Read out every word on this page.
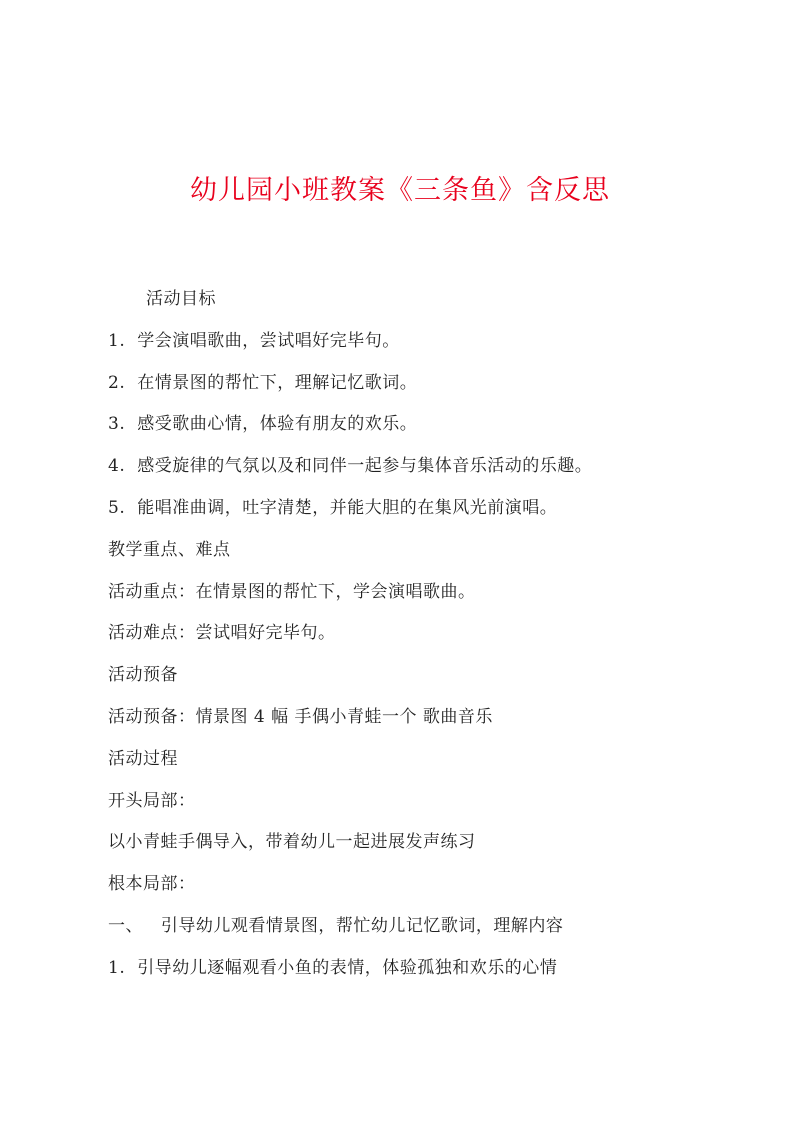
幼儿园小班教案《三条鱼》含反思
活动目标
1. 学会演唱歌曲，尝试唱好完毕句。
2. 在情景图的帮忙下，理解记忆歌词。
3. 感受歌曲心情，体验有朋友的欢乐。
4. 感受旋律的气氛以及和同伴一起参与集体音乐活动的乐趣。
5. 能唱准曲调，吐字清楚，并能大胆的在集风光前演唱。
教学重点、难点
活动重点：在情景图的帮忙下，学会演唱歌曲。
活动难点：尝试唱好完毕句。
活动预备
活动预备：情景图 4 幅 手偶小青蛙一个 歌曲音乐
活动过程
开头局部：
以小青蛙手偶导入，带着幼儿一起进展发声练习
根本局部：
一、 引导幼儿观看情景图，帮忙幼儿记忆歌词，理解内容
1. 引导幼儿逐幅观看小鱼的表情，体验孤独和欢乐的心情
